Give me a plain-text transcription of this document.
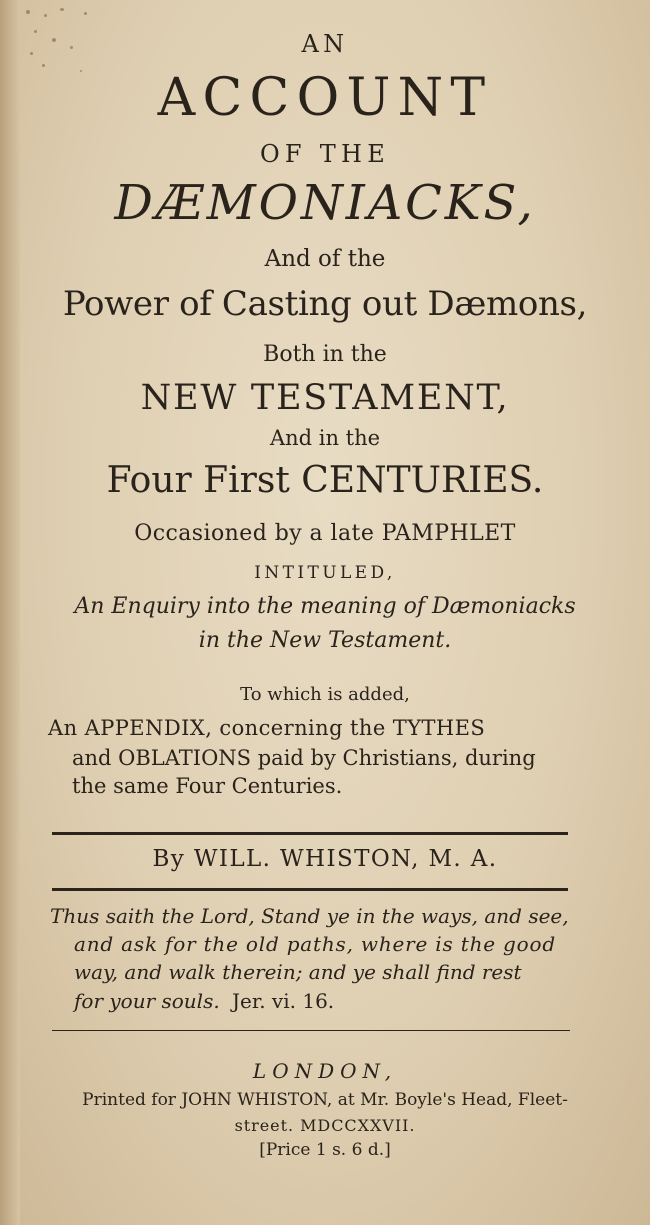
AN
ACCOUNT
OF THE
DÆMONIACKS,
And of the
Power of Casting out Dæmons,
Both in the
NEW TESTAMENT,
And in the
Four First CENTURIES.
Occasioned by a late PAMPHLET
INTITULED,
An Enquiry into the meaning of Dæmoniacks
in the New Testament.
To which is added,
An APPENDIX, concerning the TYTHES
and OBLATIONS paid by Christians, during
the same Four Centuries.
By WILL. WHISTON, M. A.
Thus saith the Lord, Stand ye in the ways, and see,
and ask for the old paths, where is the good
way, and walk therein; and ye shall find rest
for your souls. Jer. vi. 16.
LONDON,
Printed for JOHN WHISTON, at Mr. Boyle's Head, Fleet-
street. MDCCXXVII.
[Price 1 s. 6 d.]
